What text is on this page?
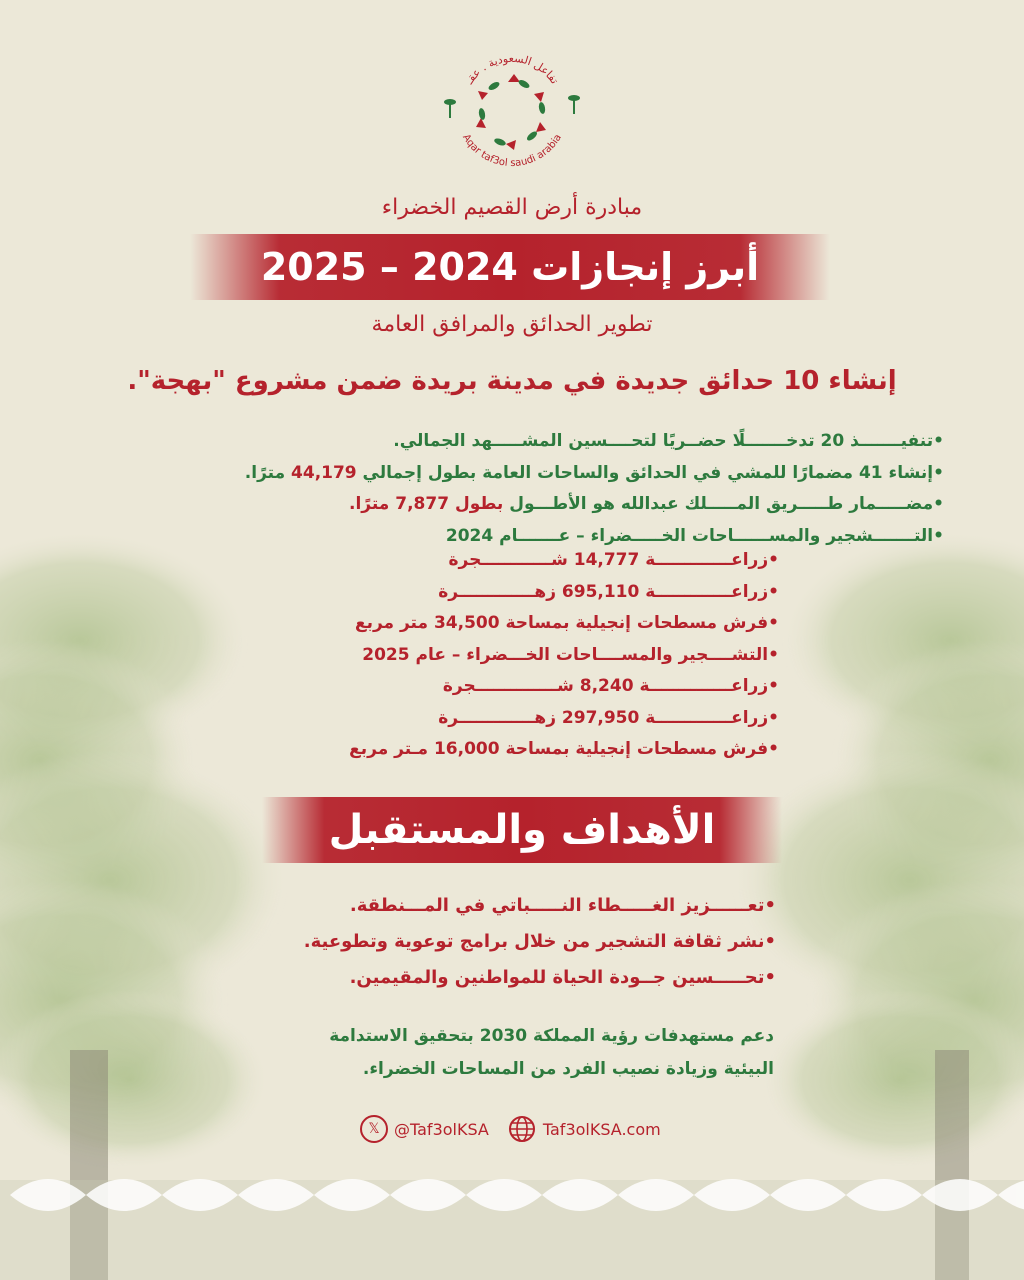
تفاعل السعودية . عقـ
Aqar taf3ol saudi arabia
مبادرة أرض القصيم الخضراء
أبرز إنجازات 2024 – 2025
تطوير الحدائق والمرافق العامة
إنشاء 10 حدائق جديدة في مدينة بريدة ضمن مشروع "بهجة".
•تنفيـــــــذ 20 تدخـــــــلًا حضــريًا لتحــــسين المشـــــهد الجمالي.
•إنشاء 41 مضمارًا للمشي في الحدائق والساحات العامة بطول إجمالي 44,179 مترًا.
•مضـــــمار طـــــريق المـــــلك عبدالله هو الأطـــول بطول 7,877 مترًا.
•التـــــــشجير والمســــــاحات الخـــــضراء – عـــــــام 2024
•زراعـــــــــــــة 14,777 شــــــــــــجرة
•زراعـــــــــــــة 695,110 زهـــــــــــــرة
•فرش مسطحات إنجيلية بمساحة 34,500 متر مربع
•التشــــجير والمســــاحات الخـــضراء – عام 2025
•زراعــــــــــــــة 8,240 شــــــــــــــجرة
•زراعـــــــــــــة 297,950 زهـــــــــــــرة
•فرش مسطحات إنجيلية بمساحة 16,000 مـتر مربع
الأهداف والمستقبل
•تعــــــزيز الغـــــطاء النـــــباتي في المـــنطقة.
•نشر ثقافة التشجير من خلال برامج توعوية وتطوعية.
•تحـــــسين جــودة الحياة للمواطنين والمقيمين.
دعم مستهدفات رؤية المملكة 2030 بتحقيق الاستدامة
البيئية وزيادة نصيب الفرد من المساحات الخضراء.
𝕏 @Taf3olKSA	Taf3olKSA.com
